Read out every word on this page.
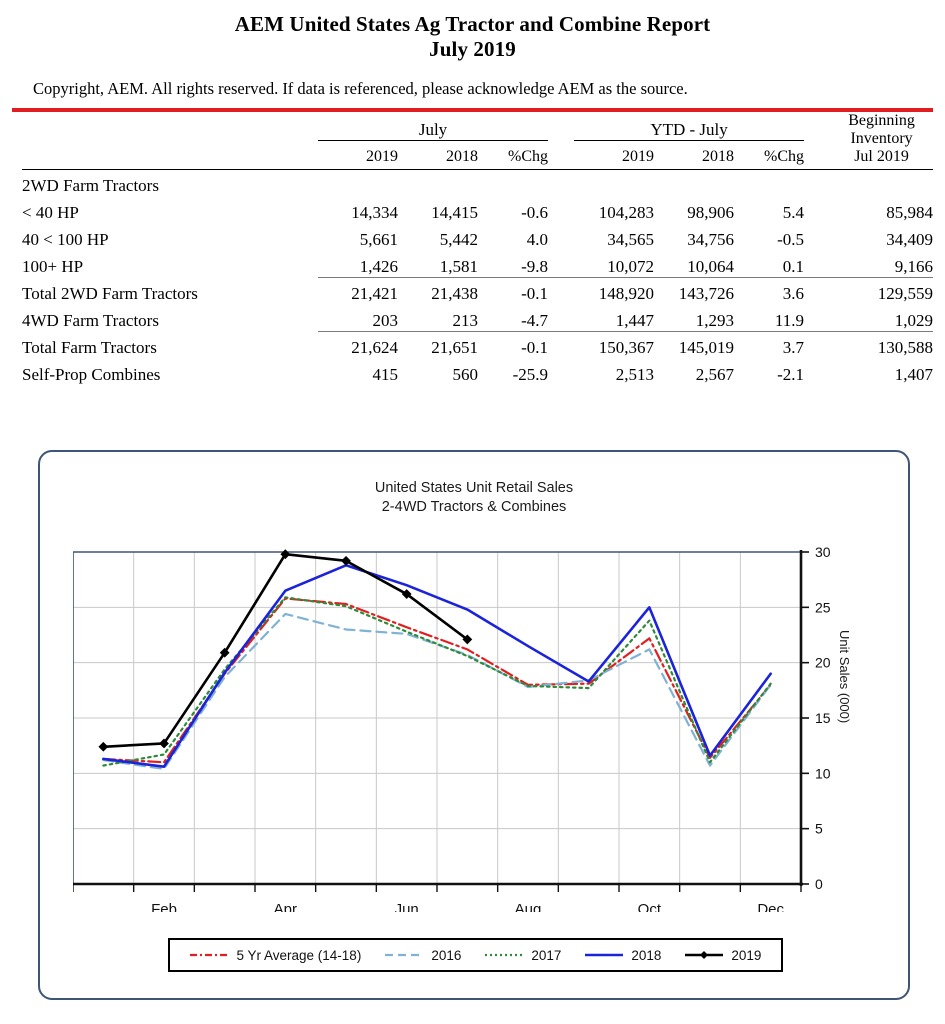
AEM United States Ag Tractor and Combine Report
July 2019
Copyright, AEM. All rights reserved. If data is referenced, please acknowledge AEM as the source.
	July				YTD - July				Beginning
Inventory
Jul 2019
	2019	2018	%Chg		2019	2018	%Chg		

2WD Farm Tractors									
< 40 HP	14,334	14,415	-0.6		104,283	98,906	5.4		85,984
40 < 100 HP	5,661	5,442	4.0		34,565	34,756	-0.5		34,409
100+ HP	1,426	1,581	-9.8		10,072	10,064	0.1		9,166
Total 2WD Farm Tractors	21,421	21,438	-0.1		148,920	143,726	3.6		129,559
4WD Farm Tractors	203	213	-4.7		1,447	1,293	11.9		1,029
Total Farm Tractors	21,624	21,651	-0.1		150,367	145,019	3.7		130,588
Self-Prop Combines	415	560	-25.9		2,513	2,567	-2.1		1,407
United States Unit Retail Sales
2-4WD Tractors & Combines
0
5
10
15
20
25
30
Feb	Apr	Jun	Aug	Oct	Dec
Unit Sales (000)
5 Yr Average (14-18)	2016	2017	2018	2019
